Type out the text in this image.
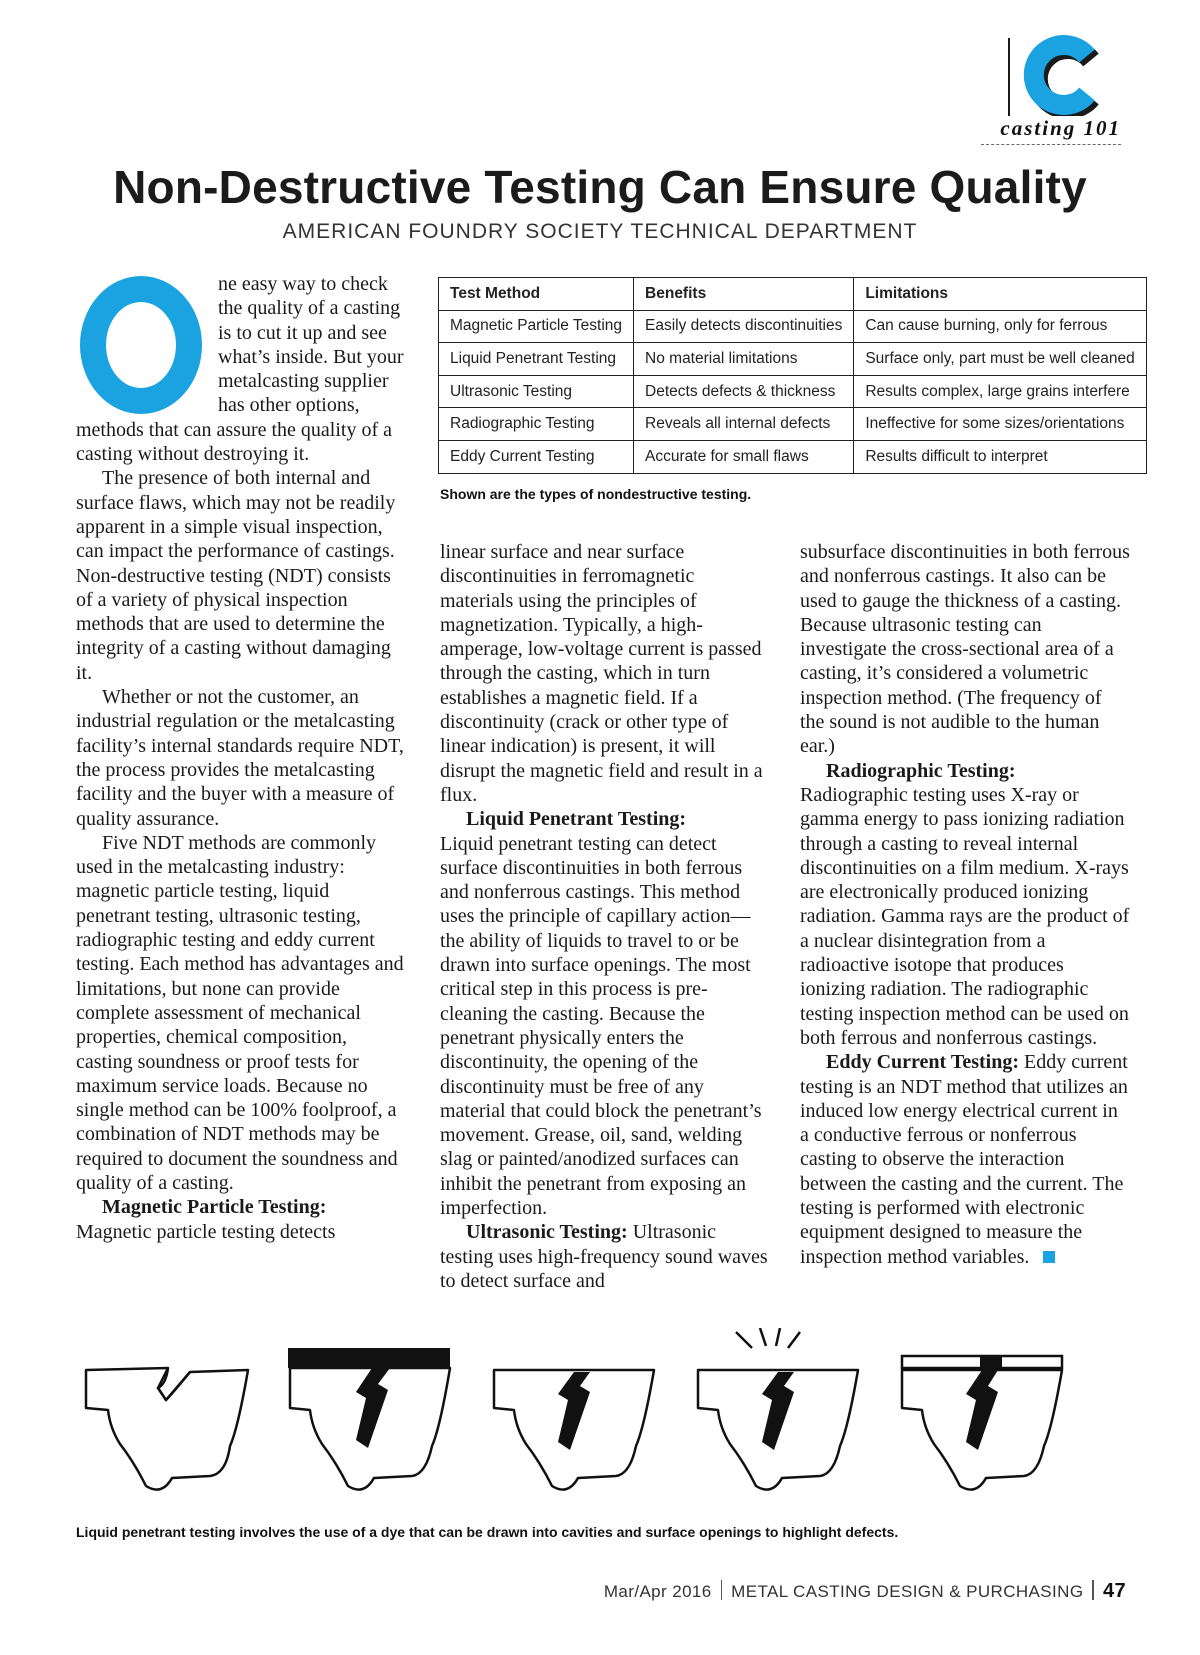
casting 101
Non-Destructive Testing Can Ensure Quality
AMERICAN FOUNDRY SOCIETY TECHNICAL DEPARTMENT
Test Method	Benefits	Limitations
Magnetic Particle Testing	Easily detects discontinuities	Can cause burning, only for ferrous
Liquid Penetrant Testing	No material limitations	Surface only, part must be well cleaned
Ultrasonic Testing	Detects defects & thickness	Results complex, large grains interfere
Radiographic Testing	Reveals all internal defects	Ineffective for some sizes/orientations
Eddy Current Testing	Accurate for small flaws	Results difficult to interpret
Shown are the types of nondestructive testing.

ne easy way to check the quality of a casting is to cut it up and see what’s inside. But your metalcasting supplier has other options, methods that can assure the quality of a casting without destroying it.

The presence of both internal and surface flaws, which may not be readily apparent in a simple visual inspection, can impact the performance of castings. Non-destructive testing (NDT) consists of a variety of physical inspection methods that are used to determine the integrity of a casting without damaging it.

Whether or not the customer, an industrial regulation or the metalcasting facility’s internal standards require NDT, the process provides the metalcasting facility and the buyer with a measure of quality assurance.

Five NDT methods are commonly used in the metalcasting industry: magnetic particle testing, liquid penetrant testing, ultrasonic testing, radiographic testing and eddy current testing. Each method has advantages and limitations, but none can provide complete assessment of mechanical properties, chemical composition, casting soundness or proof tests for maximum service loads. Because no single method can be 100% foolproof, a combination of NDT methods may be required to document the soundness and quality of a casting.

Magnetic Particle Testing:

Magnetic particle testing detects

linear surface and near surface discontinuities in ferromagnetic materials using the principles of magnetization. Typically, a high-amperage, low-voltage current is passed through the casting, which in turn establishes a magnetic field. If a discontinuity (crack or other type of linear indication) is present, it will disrupt the magnetic field and result in a flux.

Liquid Penetrant Testing:

Liquid penetrant testing can detect surface discontinuities in both ferrous and nonferrous castings. This method uses the principle of capillary action—the ability of liquids to travel to or be drawn into surface openings. The most critical step in this process is pre-cleaning the casting. Because the penetrant physically enters the discontinuity, the opening of the discontinuity must be free of any material that could block the penetrant’s movement. Grease, oil, sand, welding slag or painted/anodized surfaces can inhibit the penetrant from exposing an imperfection.

Ultrasonic Testing: Ultrasonic testing uses high-frequency sound waves to detect surface and

subsurface discontinuities in both ferrous and nonferrous castings. It also can be used to gauge the thickness of a casting. Because ultrasonic testing can investigate the cross-sectional area of a casting, it’s considered a volumetric inspection method. (The frequency of the sound is not audible to the human ear.)

Radiographic Testing:

Radiographic testing uses X-ray or gamma energy to pass ionizing radiation through a casting to reveal internal discontinuities on a film medium. X-rays are electronically produced ionizing radiation. Gamma rays are the product of a nuclear disintegration from a radioactive isotope that produces ionizing radiation. The radiographic testing inspection method can be used on both ferrous and nonferrous castings.

Eddy Current Testing: Eddy current testing is an NDT method that utilizes an induced low energy electrical current in a conductive ferrous or nonferrous casting to observe the interaction between the casting and the current. The testing is performed with electronic equipment designed to measure the inspection method variables.

Liquid penetrant testing involves the use of a dye that can be drawn into cavities and surface openings to highlight defects.
Mar/Apr 2016 METAL CASTING DESIGN & PURCHASING 47
